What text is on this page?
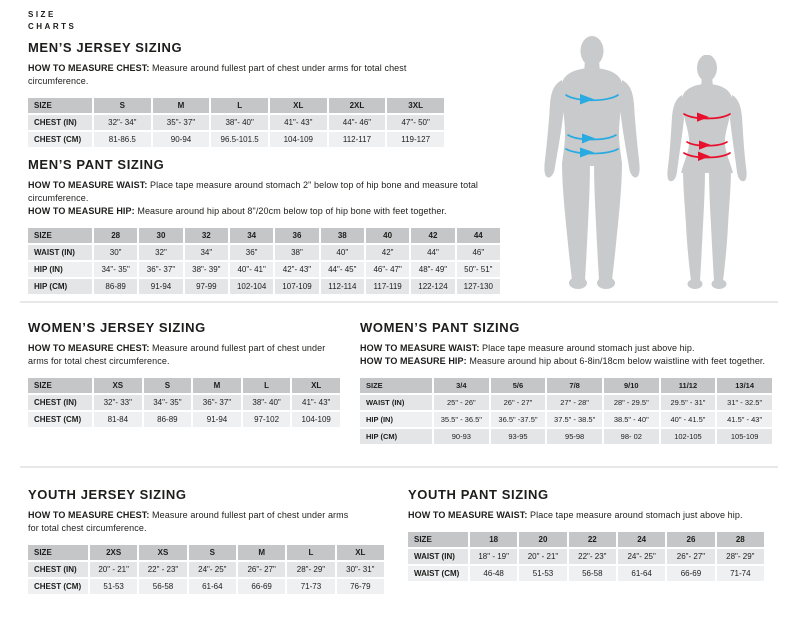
SIZE
CHARTS
MEN’S JERSEY SIZING

HOW TO MEASURE CHEST: Measure around fullest part of chest under arms for total chest circumference.

SIZE	S	M	L	XL	2XL	3XL
CHEST (IN)	32"- 34"	35"- 37"	38"- 40"	41"- 43"	44"- 46"	47"- 50"
CHEST (CM)	81-86.5	90-94	96.5-101.5	104-109	112-117	119-127
MEN’S PANT SIZING

HOW TO MEASURE WAIST: Place tape measure around stomach 2" below top of hip bone and measure total circumference.
HOW TO MEASURE HIP: Measure around hip about 8"/20cm below top of hip bone with feet together.

SIZE	28	30	32	34	36	38	40	42	44
WAIST (IN)	30"	32"	34"	36"	38"	40"	42"	44"	46"
HIP (IN)	34"- 35"	36"- 37"	38"- 39"	40"- 41"	42"- 43"	44"- 45"	46"- 47"	48"- 49"	50"- 51"
HIP (CM)	86-89	91-94	97-99	102-104	107-109	112-114	117-119	122-124	127-130
WOMEN’S JERSEY SIZING

HOW TO MEASURE CHEST: Measure around fullest part of chest under arms for total chest circumference.

SIZE	XS	S	M	L	XL
CHEST (IN)	32"- 33"	34"- 35"	36"- 37"	38"- 40"	41"- 43"
CHEST (CM)	81-84	86-89	91-94	97-102	104-109
WOMEN’S PANT SIZING

HOW TO MEASURE WAIST: Place tape measure around stomach just above hip.
HOW TO MEASURE HIP: Measure around hip about 6-8in/18cm below waistline with feet together.

SIZE	3/4	5/6	7/8	9/10	11/12	13/14
WAIST (IN)	25" - 26"	26" - 27"	27" - 28"	28" - 29.5"	29.5" - 31"	31" - 32.5"
HIP (IN)	35.5" - 36.5"	36.5" -37.5"	37.5" - 38.5"	38.5" - 40"	40" - 41.5"	41.5" - 43"
HIP (CM)	90-93	93-95	95-98	98- 02	102-105	105-109
YOUTH JERSEY SIZING

HOW TO MEASURE CHEST: Measure around fullest part of chest under arms for total chest circumference.

SIZE	2XS	XS	S	M	L	XL
CHEST (IN)	20" - 21"	22" - 23"	24"- 25"	26"- 27"	28"- 29"	30"- 31"
CHEST (CM)	51-53	56-58	61-64	66-69	71-73	76-79
YOUTH PANT SIZING

HOW TO MEASURE WAIST: Place tape measure around stomach just above hip.

SIZE	18	20	22	24	26	28
WAIST (IN)	18" - 19"	20" - 21"	22"- 23"	24"- 25"	26"- 27"	28"- 29"
WAIST (CM)	46-48	51-53	56-58	61-64	66-69	71-74
